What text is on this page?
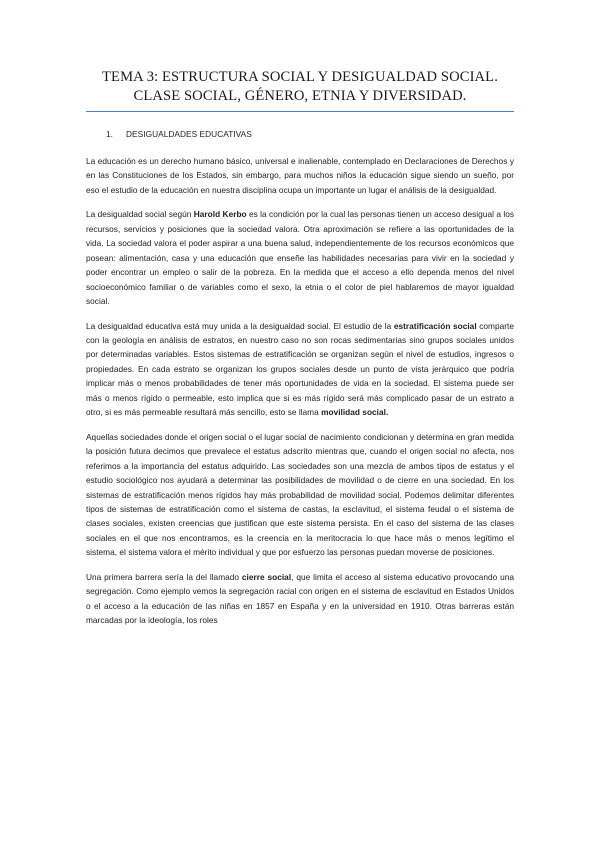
TEMA 3: ESTRUCTURA SOCIAL Y DESIGUALDAD SOCIAL.
CLASE SOCIAL, GÉNERO, ETNIA Y DIVERSIDAD.
1. DESIGUALDADES EDUCATIVAS

La educación es un derecho humano básico, universal e inalienable, contemplado en Declaraciones de Derechos y en las Constituciones de los Estados, sin embargo, para muchos niños la educación sigue siendo un sueño, por eso el estudio de la educación en nuestra disciplina ocupa un importante un lugar el análisis de la desigualdad.

La desigualdad social según Harold Kerbo es la condición por la cual las personas tienen un acceso desigual a los recursos, servicios y posiciones que la sociedad valora. Otra aproximación se refiere a las oportunidades de la vida. La sociedad valora el poder aspirar a una buena salud, independientemente de los recursos económicos que posean: alimentación, casa y una educación que enseñe las habilidades necesarias para vivir en la sociedad y poder encontrar un empleo o salir de la pobreza. En la medida que el acceso a ello dependa menos del nivel socioeconómico familiar o de variables como el sexo, la etnia o el color de piel hablaremos de mayor igualdad social.

La desigualdad educativa está muy unida a la desigualdad social. El estudio de la estratificación social comparte con la geología en análisis de estratos, en nuestro caso no son rocas sedimentarias sino grupos sociales unidos por determinadas variables. Estos sistemas de estratificación se organizan según el nivel de estudios, ingresos o propiedades. En cada estrato se organizan los grupos sociales desde un punto de vista jerárquico que podría implicar más o menos probabilidades de tener más oportunidades de vida en la sociedad. El sistema puede ser más o menos rígido o permeable, esto implica que si es más rígido será más complicado pasar de un estrato a otro, si es más permeable resultará más sencillo, esto se llama movilidad social.

Aquellas sociedades donde el origen social o el lugar social de nacimiento condicionan y determina en gran medida la posición futura decimos que prevalece el estatus adscrito mientras que, cuando el origen social no afecta, nos referimos a la importancia del estatus adquirido. Las sociedades son una mezcla de ambos tipos de estatus y el estudio sociológico nos ayudará a determinar las posibilidades de movilidad o de cierre en una sociedad. En los sistemas de estratificación menos rígidos hay más probabilidad de movilidad social. Podemos delimitar diferentes tipos de sistemas de estratificación como el sistema de castas, la esclavitud, el sistema feudal o el sistema de clases sociales, existen creencias que justifican que este sistema persista. En el caso del sistema de las clases sociales en el que nos encontramos, es la creencia en la meritocracia lo que hace más o menos legítimo el sistema, el sistema valora el mérito individual y que por esfuerzo las personas puedan moverse de posiciones.

Una primera barrera sería la del llamado cierre social, que limita el acceso al sistema educativo provocando una segregación. Como ejemplo vemos la segregación racial con origen en el sistema de esclavitud en Estados Unidos o el acceso a la educación de las niñas en 1857 en España y en la universidad en 1910. Otras barreras están marcadas por la ideología, los roles
